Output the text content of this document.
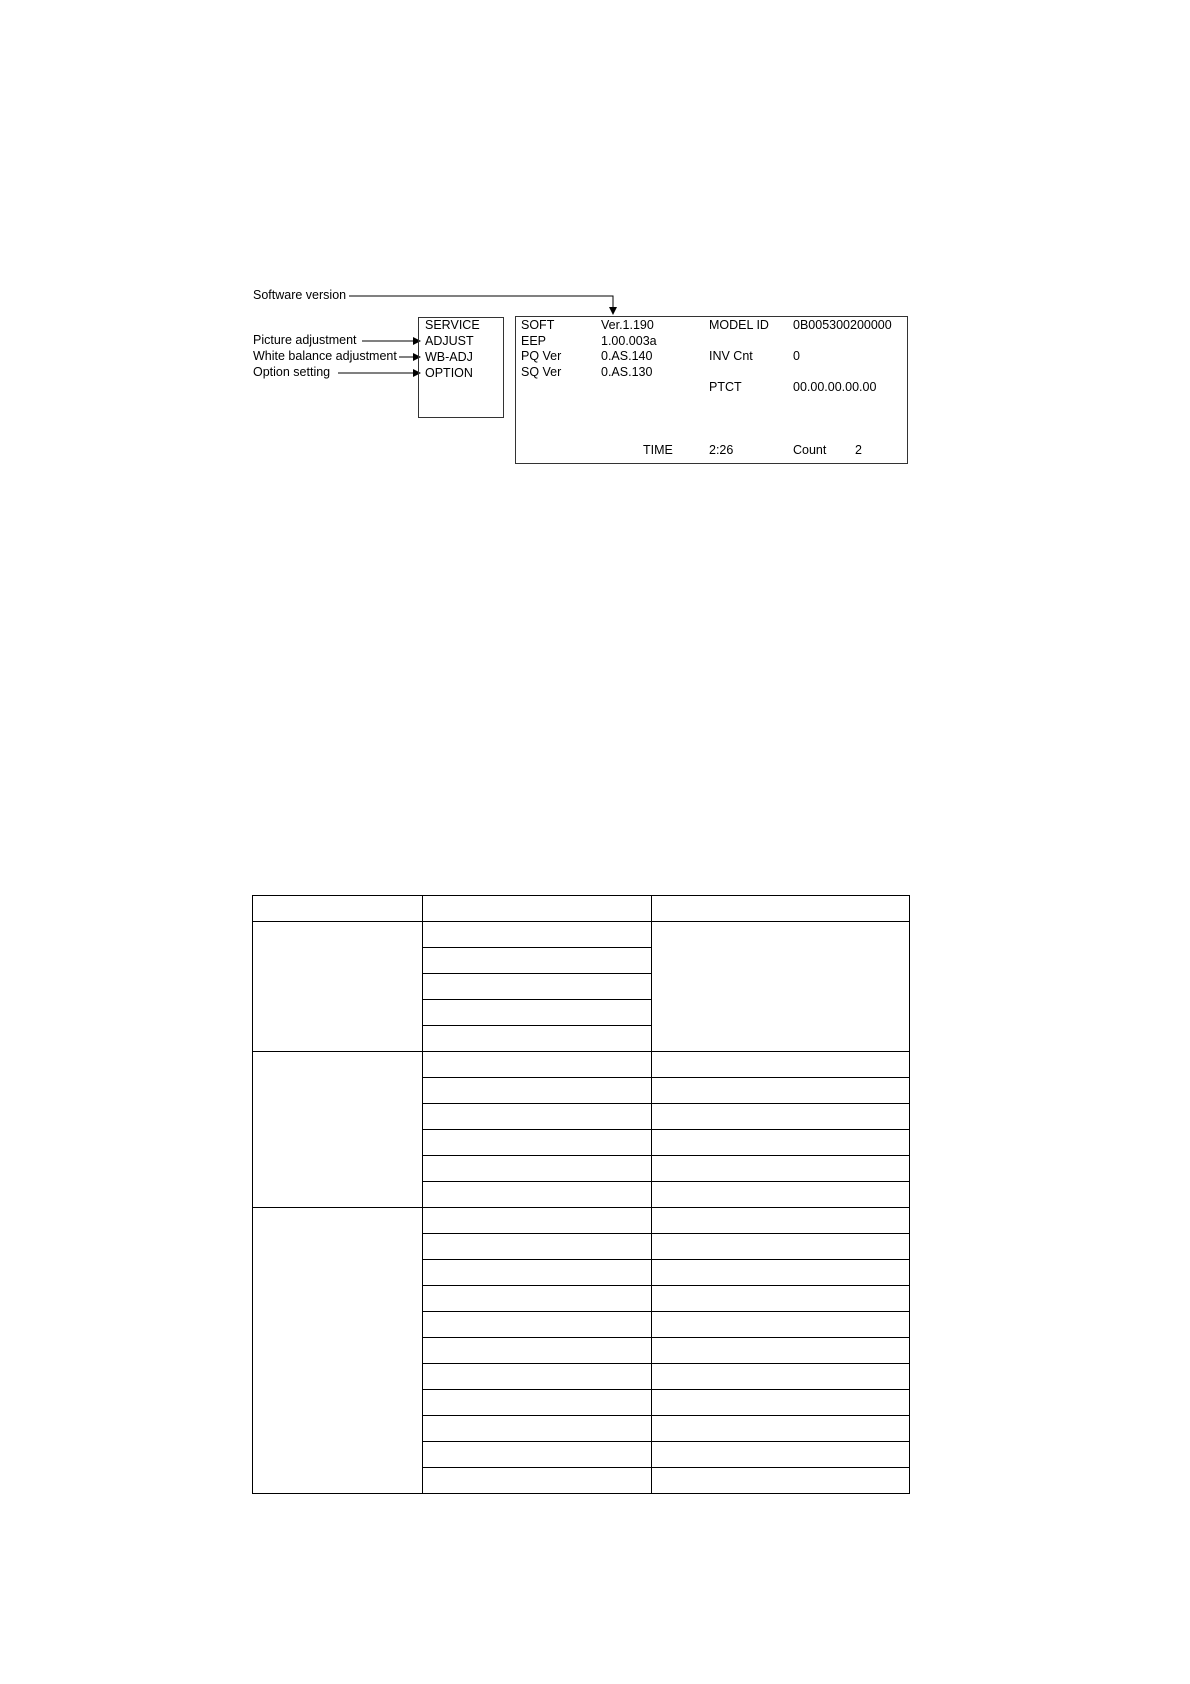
Software version
Picture adjustment
White balance adjustment
Option setting
SERVICE
ADJUST
WB-ADJ
OPTION
SOFT	Ver.1.190	MODEL ID 0B005300200000
EEP	1.00.003a
PQ Ver	0.AS.140	INV Cnt	0
SQ Ver	0.AS.130
PTCT	00.00.00.00.00
TIME	2:26	Count 2
